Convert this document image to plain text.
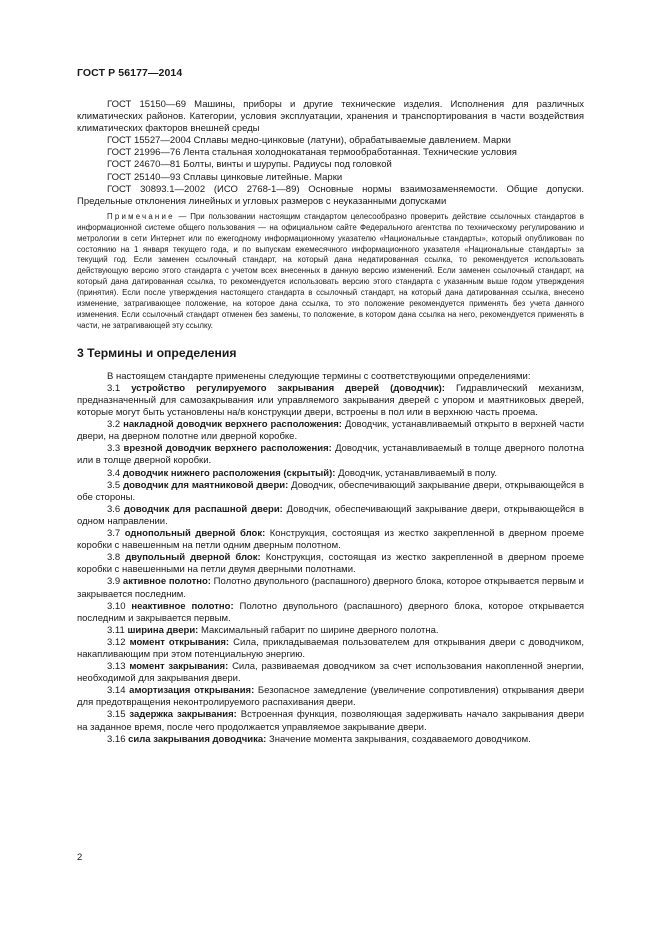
ГОСТ Р 56177—2014

ГОСТ 15150—69 Машины, приборы и другие технические изделия. Исполнения для различных климатических районов. Категории, условия эксплуатации, хранения и транспортирования в части воздействия климатических факторов внешней среды

ГОСТ 15527—2004 Сплавы медно-цинковые (латуни), обрабатываемые давлением. Марки

ГОСТ 21996—76 Лента стальная холоднокатаная термообработанная. Технические условия

ГОСТ 24670—81 Болты, винты и шурупы. Радиусы под головкой

ГОСТ 25140—93 Сплавы цинковые литейные. Марки

ГОСТ 30893.1—2002 (ИСО 2768-1—89) Основные нормы взаимозаменяемости. Общие допуски. Предельные отклонения линейных и угловых размеров с неуказанными допусками

Примечание — При пользовании настоящим стандартом целесообразно проверить действие ссылочных стандартов в информационной системе общего пользования — на официальном сайте Федерального агентства по техническому регулированию и метрологии в сети Интернет или по ежегодному информационному указателю «Национальные стандарты», который опубликован по состоянию на 1 января текущего года, и по выпускам ежемесячного информационного указателя «Национальные стандарты» за текущий год. Если заменен ссылочный стандарт, на который дана недатированная ссылка, то рекомендуется использовать действующую версию этого стандарта с учетом всех внесенных в данную версию изменений. Если заменен ссылочный стандарт, на который дана датированная ссылка, то рекомендуется использовать версию этого стандарта с указанным выше годом утверждения (принятия). Если после утверждения настоящего стандарта в ссылочный стандарт, на который дана датированная ссылка, внесено изменение, затрагивающее положение, на которое дана ссылка, то это положение рекомендуется применять без учета данного изменения. Если ссылочный стандарт отменен без замены, то положение, в котором дана ссылка на него, рекомендуется применять в части, не затрагивающей эту ссылку.

3 Термины и определения

В настоящем стандарте применены следующие термины с соответствующими определениями:

3.1 устройство регулируемого закрывания дверей (доводчик): Гидравлический механизм, предназначенный для самозакрывания или управляемого закрывания дверей с упором и маятниковых дверей, которые могут быть установлены на/в конструкции двери, встроены в пол или в верхнюю часть проема.

3.2 накладной доводчик верхнего расположения: Доводчик, устанавливаемый открыто в верхней части двери, на дверном полотне или дверной коробке.

3.3 врезной доводчик верхнего расположения: Доводчик, устанавливаемый в толще дверного полотна или в толще дверной коробки.

3.4 доводчик нижнего расположения (скрытый): Доводчик, устанавливаемый в полу.

3.5 доводчик для маятниковой двери: Доводчик, обеспечивающий закрывание двери, открывающейся в обе стороны.

3.6 доводчик для распашной двери: Доводчик, обеспечивающий закрывание двери, открывающейся в одном направлении.

3.7 однопольный дверной блок: Конструкция, состоящая из жестко закрепленной в дверном проеме коробки с навешенным на петли одним дверным полотном.

3.8 двупольный дверной блок: Конструкция, состоящая из жестко закрепленной в дверном проеме коробки с навешенными на петли двумя дверными полотнами.

3.9 активное полотно: Полотно двупольного (распашного) дверного блока, которое открывается первым и закрывается последним.

3.10 неактивное полотно: Полотно двупольного (распашного) дверного блока, которое открывается последним и закрывается первым.

3.11 ширина двери: Максимальный габарит по ширине дверного полотна.

3.12 момент открывания: Сила, прикладываемая пользователем для открывания двери с доводчиком, накапливающим при этом потенциальную энергию.

3.13 момент закрывания: Сила, развиваемая доводчиком за счет использования накопленной энергии, необходимой для закрывания двери.

3.14 амортизация открывания: Безопасное замедление (увеличение сопротивления) открывания двери для предотвращения неконтролируемого распахивания двери.

3.15 задержка закрывания: Встроенная функция, позволяющая задерживать начало закрывания двери на заданное время, после чего продолжается управляемое закрывание двери.

3.16 сила закрывания доводчика: Значение момента закрывания, создаваемого доводчиком.

2
